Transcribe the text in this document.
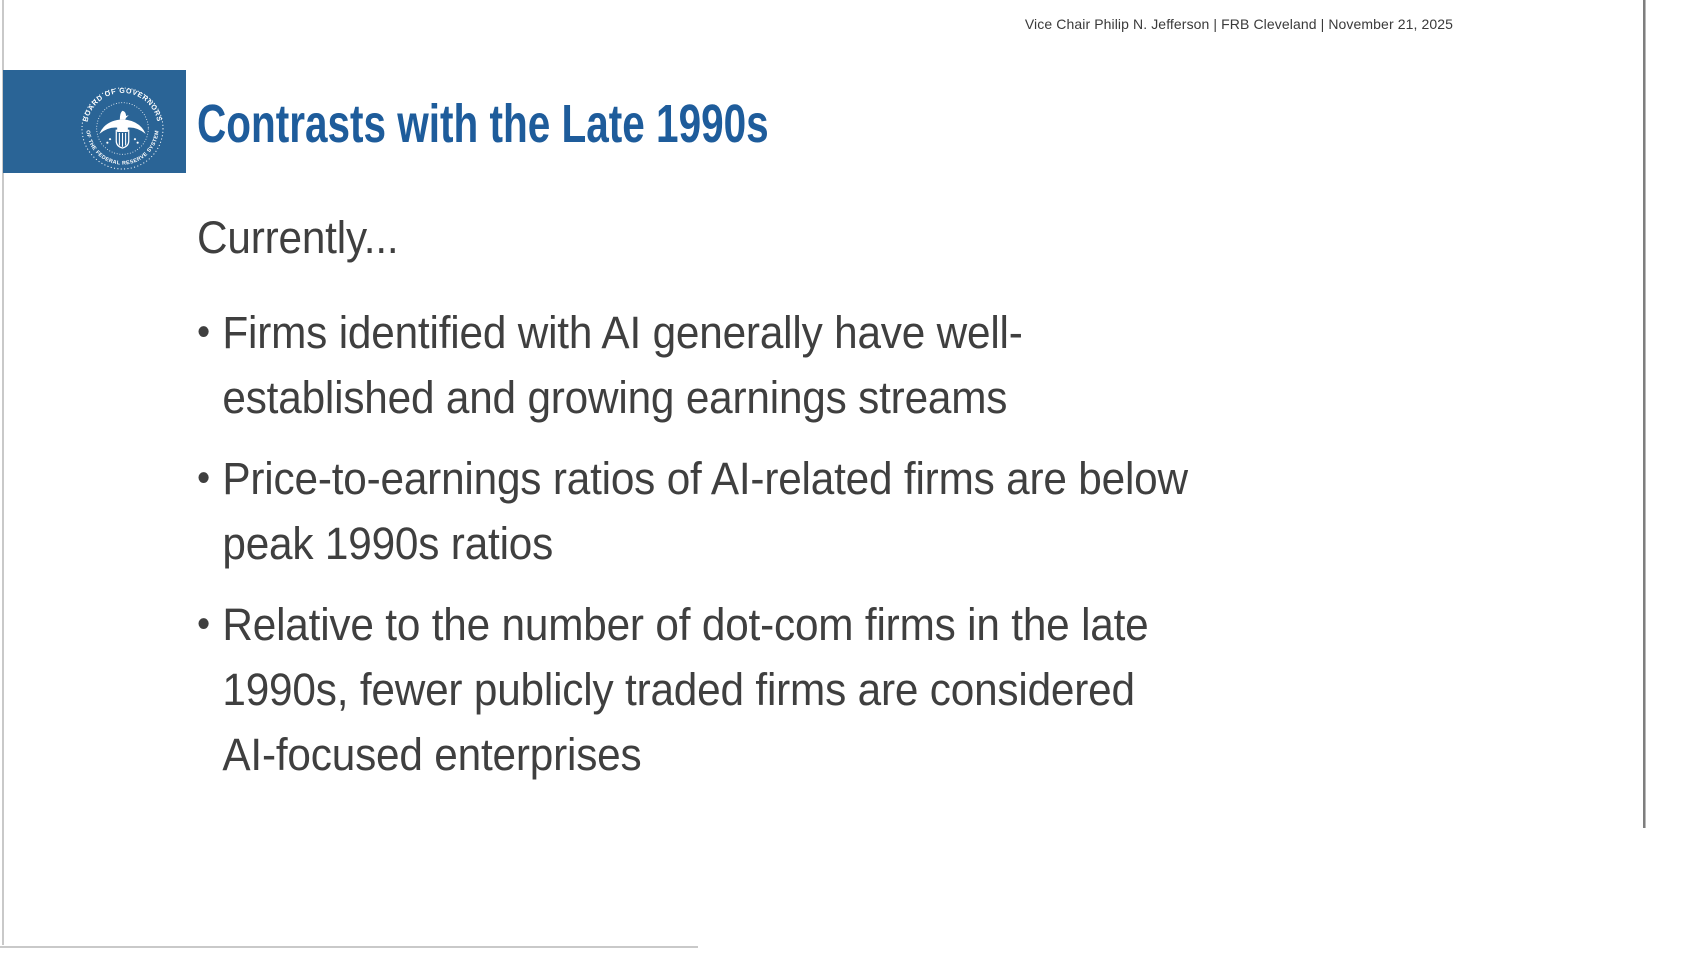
Vice Chair Philip N. Jefferson | FRB Cleveland | November 21, 2025
BOARD OF GOVERNORS
OF THE FEDERAL RESERVE SYSTEM Contrasts with the Late 1990s

Currently...

• Firms identified with AI generally have well-
established and growing earnings streams
• Price-to-earnings ratios of AI-related firms are below
peak 1990s ratios
• Relative to the number of dot-com firms in the late
1990s, fewer publicly traded firms are considered
AI-focused enterprises
